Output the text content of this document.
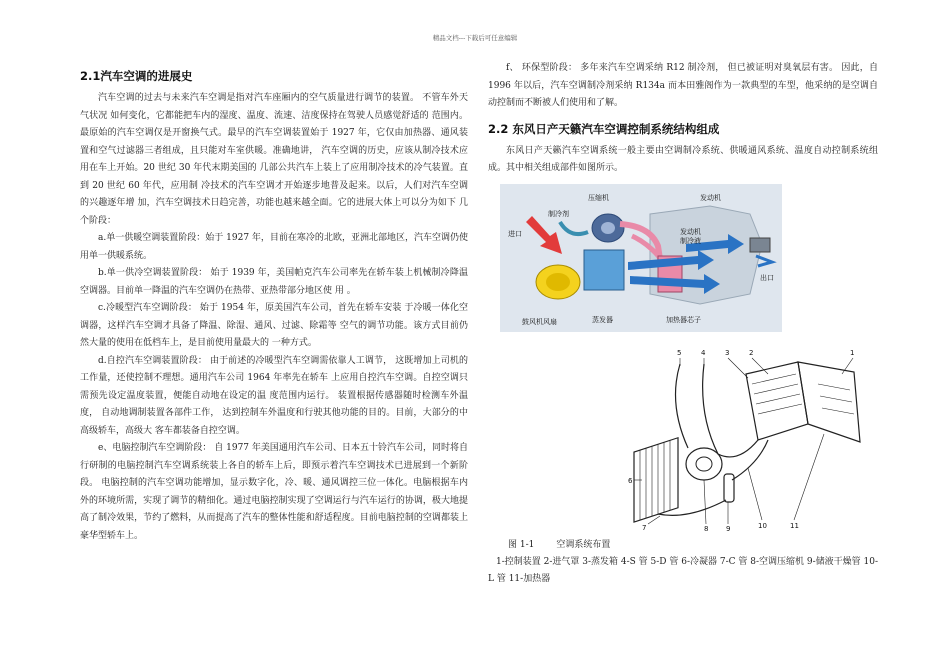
精品文档---下载后可任意编辑
2.1汽车空调的进展史

汽车空调的过去与未来汽车空调是指对汽车座厢内的空气质量进行调节的装置。 不管车外天气状况 如何变化，它都能把车内的湿度、温度、流速、洁度保持在驾驶人员感觉舒适的 范围内。 最原始的汽车空调仅是开窗换气式。最早的汽车空调装置始于 1927 年，它仅由加热器、通风装置和空气过滤器三者组成，且只能对车室供暖。准确地讲， 汽车空调的历史，应该从制冷技术应用在车上开始。20 世纪 30 年代末期美国的 几部公共汽车上装上了应用制冷技术的冷气装置。直到 20 世纪 60 年代，应用制 冷技术的汽车空调才开始逐步地普及起来。以后，人们对汽车空调的兴趣逐年增 加，汽车空调技术日趋完善，功能也越来越全面。它的进展大体上可以分为如下 几个阶段：

a.单一供暖空调装置阶段：始于 1927 年，目前在寒冷的北欧，亚洲北部地区，汽车空调仍使用单一供暖系统。

b.单一供冷空调装置阶段： 始于 1939 年，美国帕克汽车公司率先在轿车装上机械制冷降温空调器。目前单一降温的汽车空调仍在热带、亚热带部分地区使 用 。

c.冷暖型汽车空调阶段： 始于 1954 年，原美国汽车公司，首先在轿车安装 于冷暖一体化空调器，这样汽车空调才具备了降温、除湿、通风、过滤、除霜等 空气的调节功能。该方式目前仍然大量的使用在低档车上，是目前使用量最大的 一种方式。

d.自控汽车空调装置阶段： 由于前述的冷暖型汽车空调需依靠人工调节， 这既增加上司机的工作量，还使控制不理想。通用汽车公司 1964 年率先在轿车 上应用自控汽车空调。自控空调只需预先设定温度装置，便能自动地在设定的温 度范围内运行。 装置根据传感器随时检测车外温度， 自动地调制装置各部件工作， 达到控制车外温度和行驶其他功能的目的。目前，大部分的中高级轿车，高级大 客车都装备自控空调。

e、电脑控制汽车空调阶段： 自 1977 年美国通用汽车公司、日本五十铃汽车公司，同时将自行研制的电脑控制汽车空调系统装上各自的轿车上后，即预示着汽车空调技术已进展到一个新阶段。 电脑控制的汽车空调功能增加，显示数字化，冷、暖、通风调控三位一体化。电脑根据车内外的环境所需，实现了调节的精细化。通过电脑控制实现了空调运行与汽车运行的协调，极大地提高了制冷效果，节约了燃料，从而提高了汽车的整体性能和舒适程度。目前电脑控制的空调都装上豪华型轿车上。

f、 环保型阶段： 多年来汽车空调采纳 R12 制冷剂， 但已被证明对臭氧层有害。 因此，自 1996 年以后，汽车空调制冷剂采纳 R134a 而本田雅阁作为一款典型的车型，他采纳的是空调自动控制而不断被人们使用和了解。

2.2 东风日产天籁汽车空调控制系统结构组成

东风日产天籁汽车空调系统一般主要由空调制冷系统、供暖通风系统、温度自动控制系统组成。其中相关组成部件如图所示。

压缩机	发动机
制冷剂
进口	发动机
制冷液
出口
鼓风机风扇	蒸发器	加热器芯子
1
2
3
4
5
6
7	8	9	10	11
图 1-1 空调系统布置
1-控制装置 2-进气罩 3-蒸发箱 4-S 管 5-D 管 6-冷凝器 7-C 管 8-空调压缩机 9-储液干燥管 10-L 管 11-加热器
